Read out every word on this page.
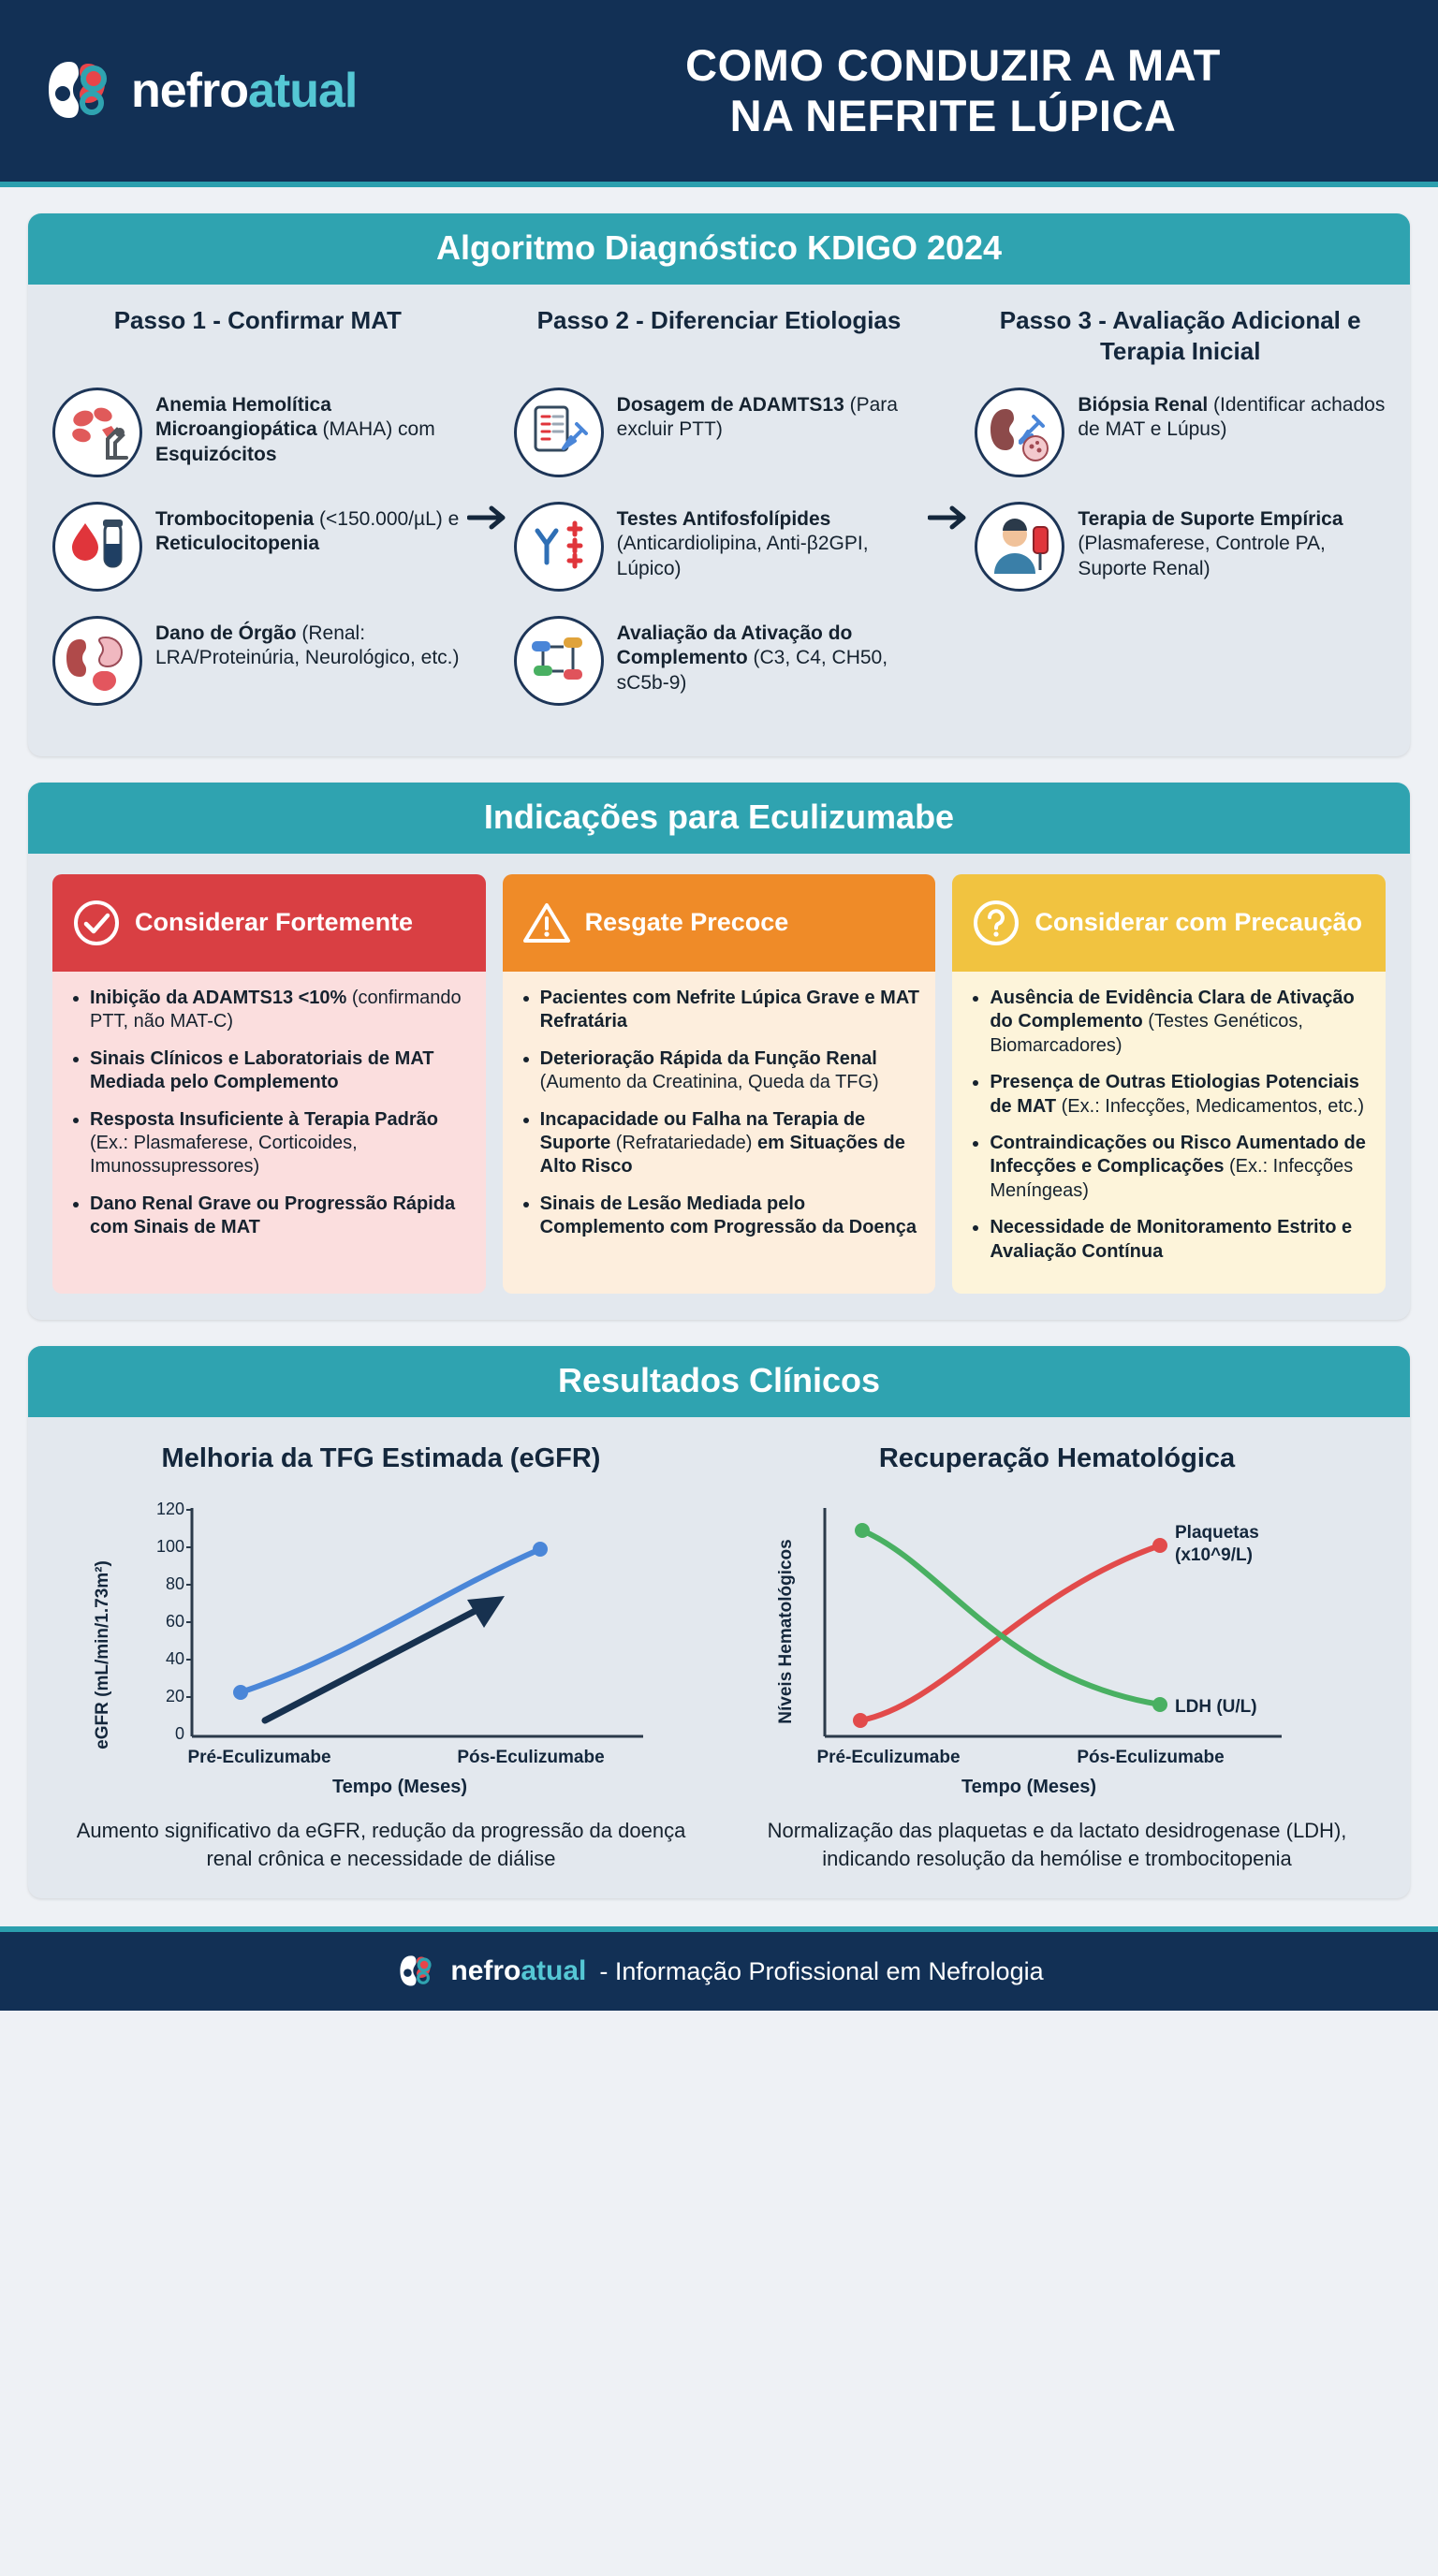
nefroatual	COMO CONDUZIR A MAT
NA NEFRITE LÚPICA
Algoritmo Diagnóstico KDIGO 2024
Passo 1 - Confirmar MAT
Anemia Hemolítica Microangiopática (MAHA) com Esquizócitos
Trombocitopenia (<150.000/µL) e Reticulocitopenia
Dano de Órgão (Renal: LRA/Proteinúria, Neurológico, etc.)
Passo 2 - Diferenciar Etiologias
Dosagem de ADAMTS13 (Para excluir PTT)
Testes Antifosfolípides (Anticardiolipina, Anti-β2GPI, Lúpico)
Avaliação da Ativação do Complemento (C3, C4, CH50, sC5b-9)
Passo 3 - Avaliação Adicional e Terapia Inicial
Biópsia Renal (Identificar achados de MAT e Lúpus)
Terapia de Suporte Empírica (Plasmaferese, Controle PA, Suporte Renal)
Indicações para Eculizumabe
Considerar Fortemente
• Inibição da ADAMTS13 <10% (confirmando PTT, não MAT-C)
• Sinais Clínicos e Laboratoriais de MAT Mediada pelo Complemento
• Resposta Insuficiente à Terapia Padrão (Ex.: Plasmaferese, Corticoides, Imunossupressores)
• Dano Renal Grave ou Progressão Rápida com Sinais de MAT
Resgate Precoce
• Pacientes com Nefrite Lúpica Grave e MAT Refratária
• Deterioração Rápida da Função Renal (Aumento da Creatinina, Queda da TFG)
• Incapacidade ou Falha na Terapia de Suporte (Refratariedade) em Situações de Alto Risco
• Sinais de Lesão Mediada pelo Complemento com Progressão da Doença
Considerar com Precaução
• Ausência de Evidência Clara de Ativação do Complemento (Testes Genéticos, Biomarcadores)
• Presença de Outras Etiologias Potenciais de MAT (Ex.: Infecções, Medicamentos, etc.)
• Contraindicações ou Risco Aumentado de Infecções e Complicações (Ex.: Infecções Meníngeas)
• Necessidade de Monitoramento Estrito e Avaliação Contínua
Resultados Clínicos
Melhoria da TFG Estimada (eGFR)
eGFR (mL/min/1.73m²)
120
100
80
60
40
20
0
Pré-Eculizumabe	Pós-Eculizumabe
Tempo (Meses)
Aumento significativo da eGFR, redução da progressão da doença renal crônica e necessidade de diálise
Recuperação Hematológica
Níveis Hematológicos
Plaquetas
(x10^9/L)
LDH (U/L)
Pré-Eculizumabe	Pós-Eculizumabe
Tempo (Meses)
Normalização das plaquetas e da lactato desidrogenase (LDH), indicando resolução da hemólise e trombocitopenia
nefroatual - Informação Profissional em Nefrologia
